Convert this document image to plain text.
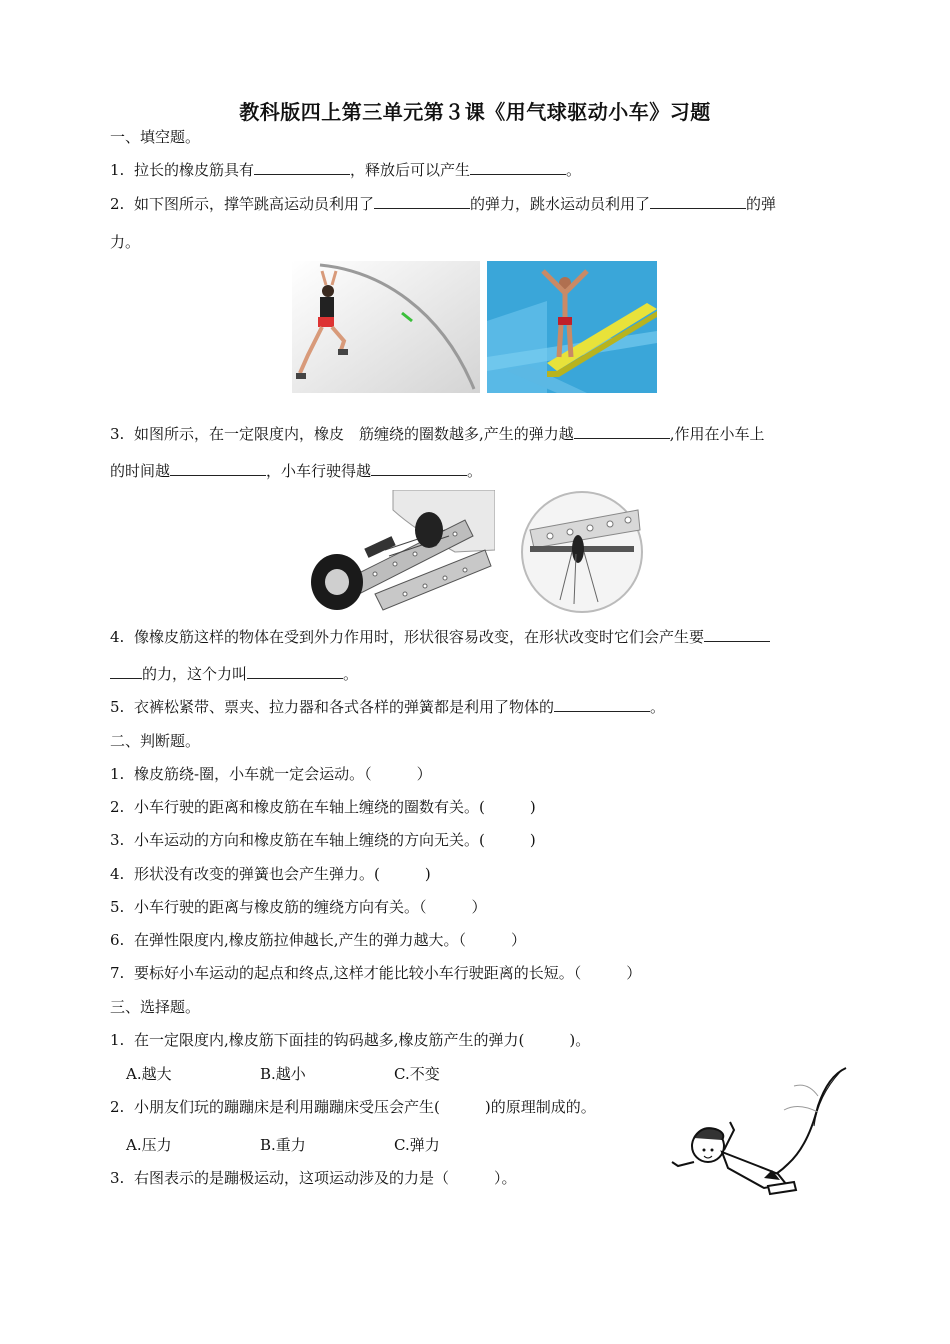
教科版四上第三单元第３课《用气球驱动小车》习题
一、填空题。
1. 拉长的橡皮筋具有	，释放后可以产生	。
2. 如下图所示，撑竿跳高运动员利用了	的弹力，跳水运动员利用了	的弹
力。
3. 如图所示，在一定限度内，橡皮　筋缠绕的圈数越多,产生的弹力越	,作用在小车上
的时间越	，小车行驶得越	。
4. 像橡皮筋这样的物体在受到外力作用时，形状很容易改变，在形状改变时它们会产生要
的力，这个力叫	。
5. 衣裤松紧带、票夹、拉力器和各式各样的弹簧都是利用了物体的	。
二、判断题。
1. 橡皮筋绕-圈，小车就一定会运动。（　　　）
2. 小车行驶的距离和橡皮筋在车轴上缠绕的圈数有关。(　　　)
3. 小车运动的方向和橡皮筋在车轴上缠绕的方向无关。(　　　)
4. 形状没有改变的弹簧也会产生弹力。(　　　)
5. 小车行驶的距离与橡皮筋的缠绕方向有关。（　　　）
6. 在弹性限度内,橡皮筋拉伸越长,产生的弹力越大。（　　　）
7. 要标好小车运动的起点和终点,这样才能比较小车行驶距离的长短。（　　　）
三、选择题。
1. 在一定限度内,橡皮筋下面挂的钩码越多,橡皮筋产生的弹力(　　　)。
A.越大	B.越小	C.不变
2. 小朋友们玩的蹦蹦床是利用蹦蹦床受压会产生(　　　)的原理制成的。
A.压力	B.重力	C.弹力
3. 右图表示的是蹦极运动，这项运动涉及的力是（　　　）。
